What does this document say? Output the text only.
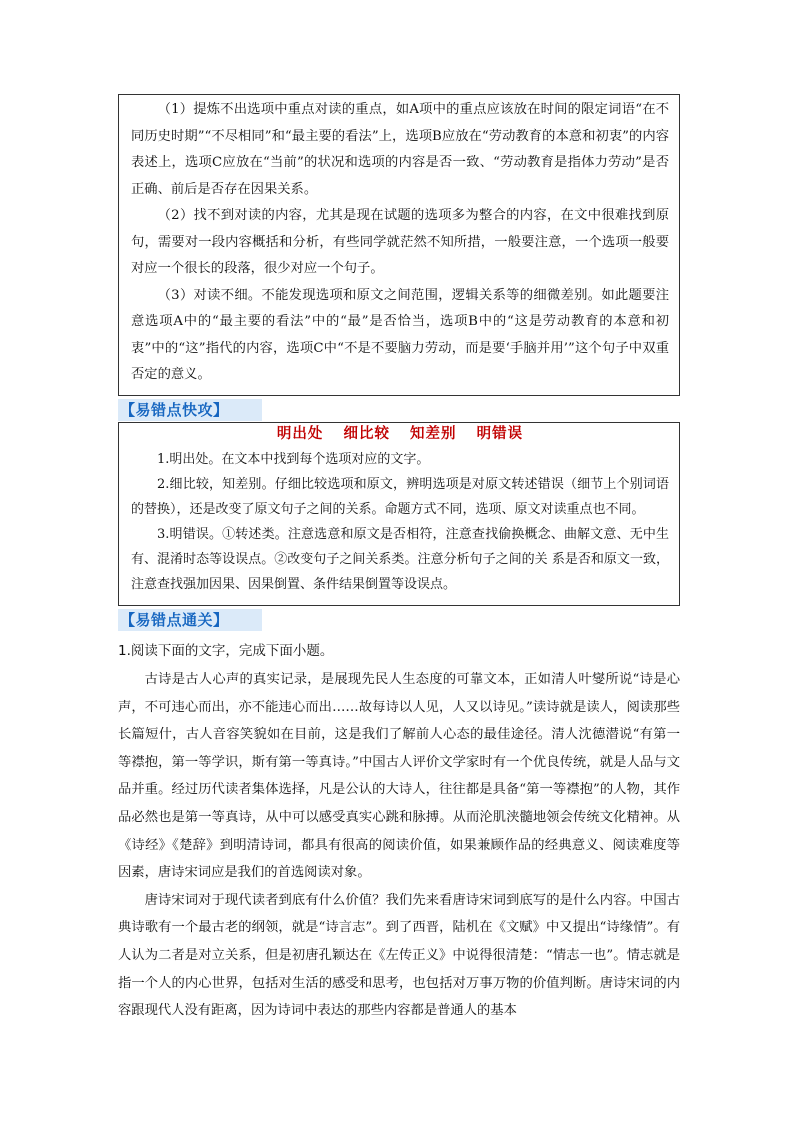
（1）提炼不出选项中重点对读的重点，如A项中的重点应该放在时间的限定词语“在不同历史时期”“不尽相同”和“最主要的看法”上，选项B应放在“劳动教育的本意和初衷”的内容表述上，选项C应放在“当前”的状况和选项的内容是否一致、“劳动教育是指体力劳动”是否正确、前后是否存在因果关系。

（2）找不到对读的内容，尤其是现在试题的选项多为整合的内容，在文中很难找到原句，需要对一段内容概括和分析，有些同学就茫然不知所措，一般要注意，一个选项一般要对应一个很长的段落，很少对应一个句子。

（3）对读不细。不能发现选项和原文之间范围，逻辑关系等的细微差别。如此题要注意选项A中的“最主要的看法”中的“最”是否恰当，选项B中的“这是劳动教育的本意和初衷”中的“这”指代的内容，选项C中“不是不要脑力劳动，而是要‘手脑并用’”这个句子中双重否定的意义。

【易错点快攻】

明出处 细比较 知差别 明错误

1.明出处。在文本中找到每个选项对应的文字。

2.细比较，知差别。仔细比较选项和原文，辨明选项是对原文转述错误（细节上个别词语的替换），还是改变了原文句子之间的关系。命题方式不同，选项、原文对读重点也不同。

3.明错误。①转述类。注意选意和原文是否相符，注意查找偷换概念、曲解文意、无中生有、混淆时态等设误点。②改变句子之间关系类。注意分析句子之间的关 系是否和原文一致，注意查找强加因果、因果倒置、条件结果倒置等设误点。

【易错点通关】

1.阅读下面的文字，完成下面小题。

古诗是古人心声的真实记录，是展现先民人生态度的可靠文本，正如清人叶燮所说“诗是心声，不可违心而出，亦不能违心而出……故每诗以人见，人又以诗见。”读诗就是读人，阅读那些长篇短什，古人音容笑貌如在目前，这是我们了解前人心态的最佳途径。清人沈德潜说“有第一等襟抱，第一等学识，斯有第一等真诗。”中国古人评价文学家时有一个优良传统，就是人品与文品并重。经过历代读者集体选择，凡是公认的大诗人，往往都是具备“第一等襟抱”的人物，其作品必然也是第一等真诗，从中可以感受真实心跳和脉搏。从而沦肌浃髓地领会传统文化精神。从《诗经》《楚辞》到明清诗词，都具有很高的阅读价值，如果兼顾作品的经典意义、阅读难度等因素，唐诗宋词应是我们的首选阅读对象。

唐诗宋词对于现代读者到底有什么价值？我们先来看唐诗宋词到底写的是什么内容。中国古典诗歌有一个最古老的纲领，就是“诗言志”。到了西晋，陆机在《文赋》中又提出“诗缘情”。有人认为二者是对立关系，但是初唐孔颖达在《左传正义》中说得很清楚：“情志一也”。情志就是指一个人的内心世界，包括对生活的感受和思考，也包括对万事万物的价值判断。唐诗宋词的内容跟现代人没有距离，因为诗词中表达的那些内容都是普通人的基本
